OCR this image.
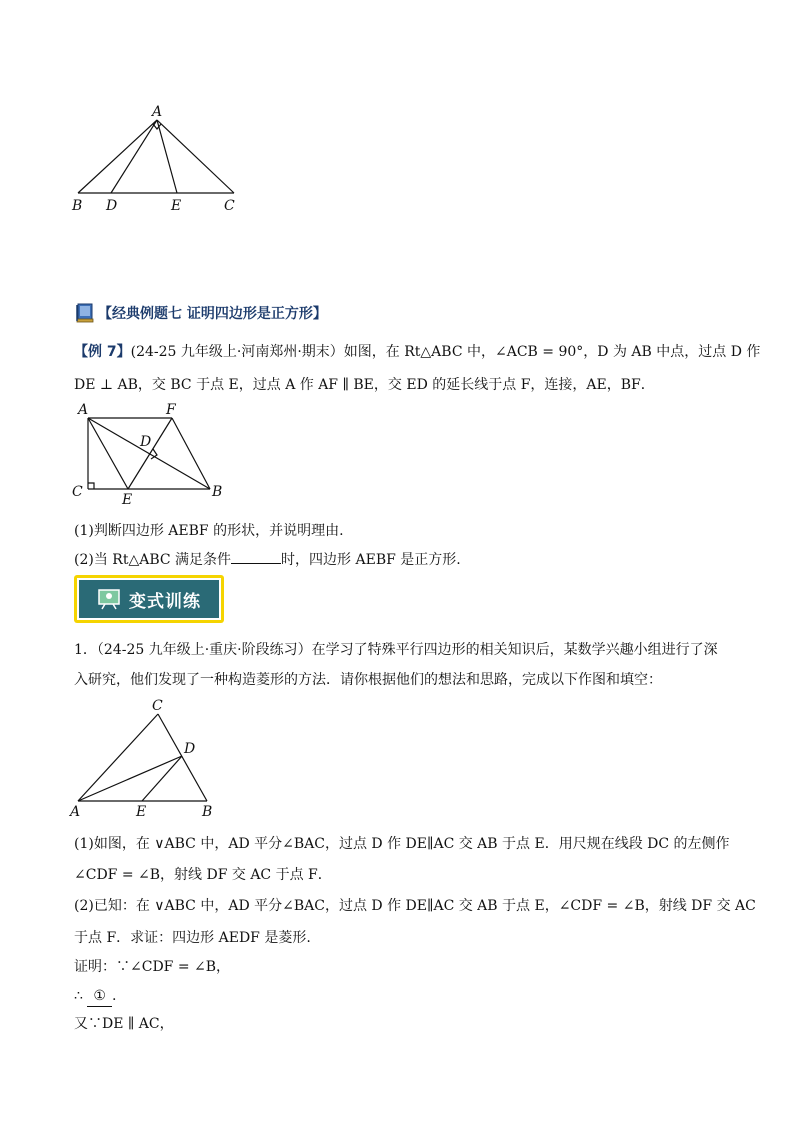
A
B D	E	C
【经典例题七 证明四边形是正方形】
【例 7】(24-25 九年级上·河南郑州·期末）如图，在 Rt△ABC 中，∠ACB = 90°，D 为 AB 中点，过点 D 作
DE ⊥ AB，交 BC 于点 E，过点 A 作 AF ∥ BE，交 ED 的延长线于点 F，连接，AE，BF．
A	F
D
C	E	B
(1)判断四边形 AEBF 的形状，并说明理由.
(2)当 Rt△ABC 满足条件	时，四边形 AEBF 是正方形.
变式训练
1．（24-25 九年级上·重庆·阶段练习）在学习了特殊平行四边形的相关知识后，某数学兴趣小组进行了深
入研究，他们发现了一种构造菱形的方法．请你根据他们的想法和思路，完成以下作图和填空：
C
D
A	E	B
(1)如图，在 ∨ABC 中，AD 平分∠BAC，过点 D 作 DE∥AC 交 AB 于点 E．用尺规在线段 DC 的左侧作
∠CDF = ∠B，射线 DF 交 AC 于点 F．
(2)已知：在 ∨ABC 中，AD 平分∠BAC，过点 D 作 DE∥AC 交 AB 于点 E，∠CDF = ∠B，射线 DF 交 AC
于点 F．求证：四边形 AEDF 是菱形.
证明：∵∠CDF = ∠B，
∴ ① .
又∵DE ∥ AC，
